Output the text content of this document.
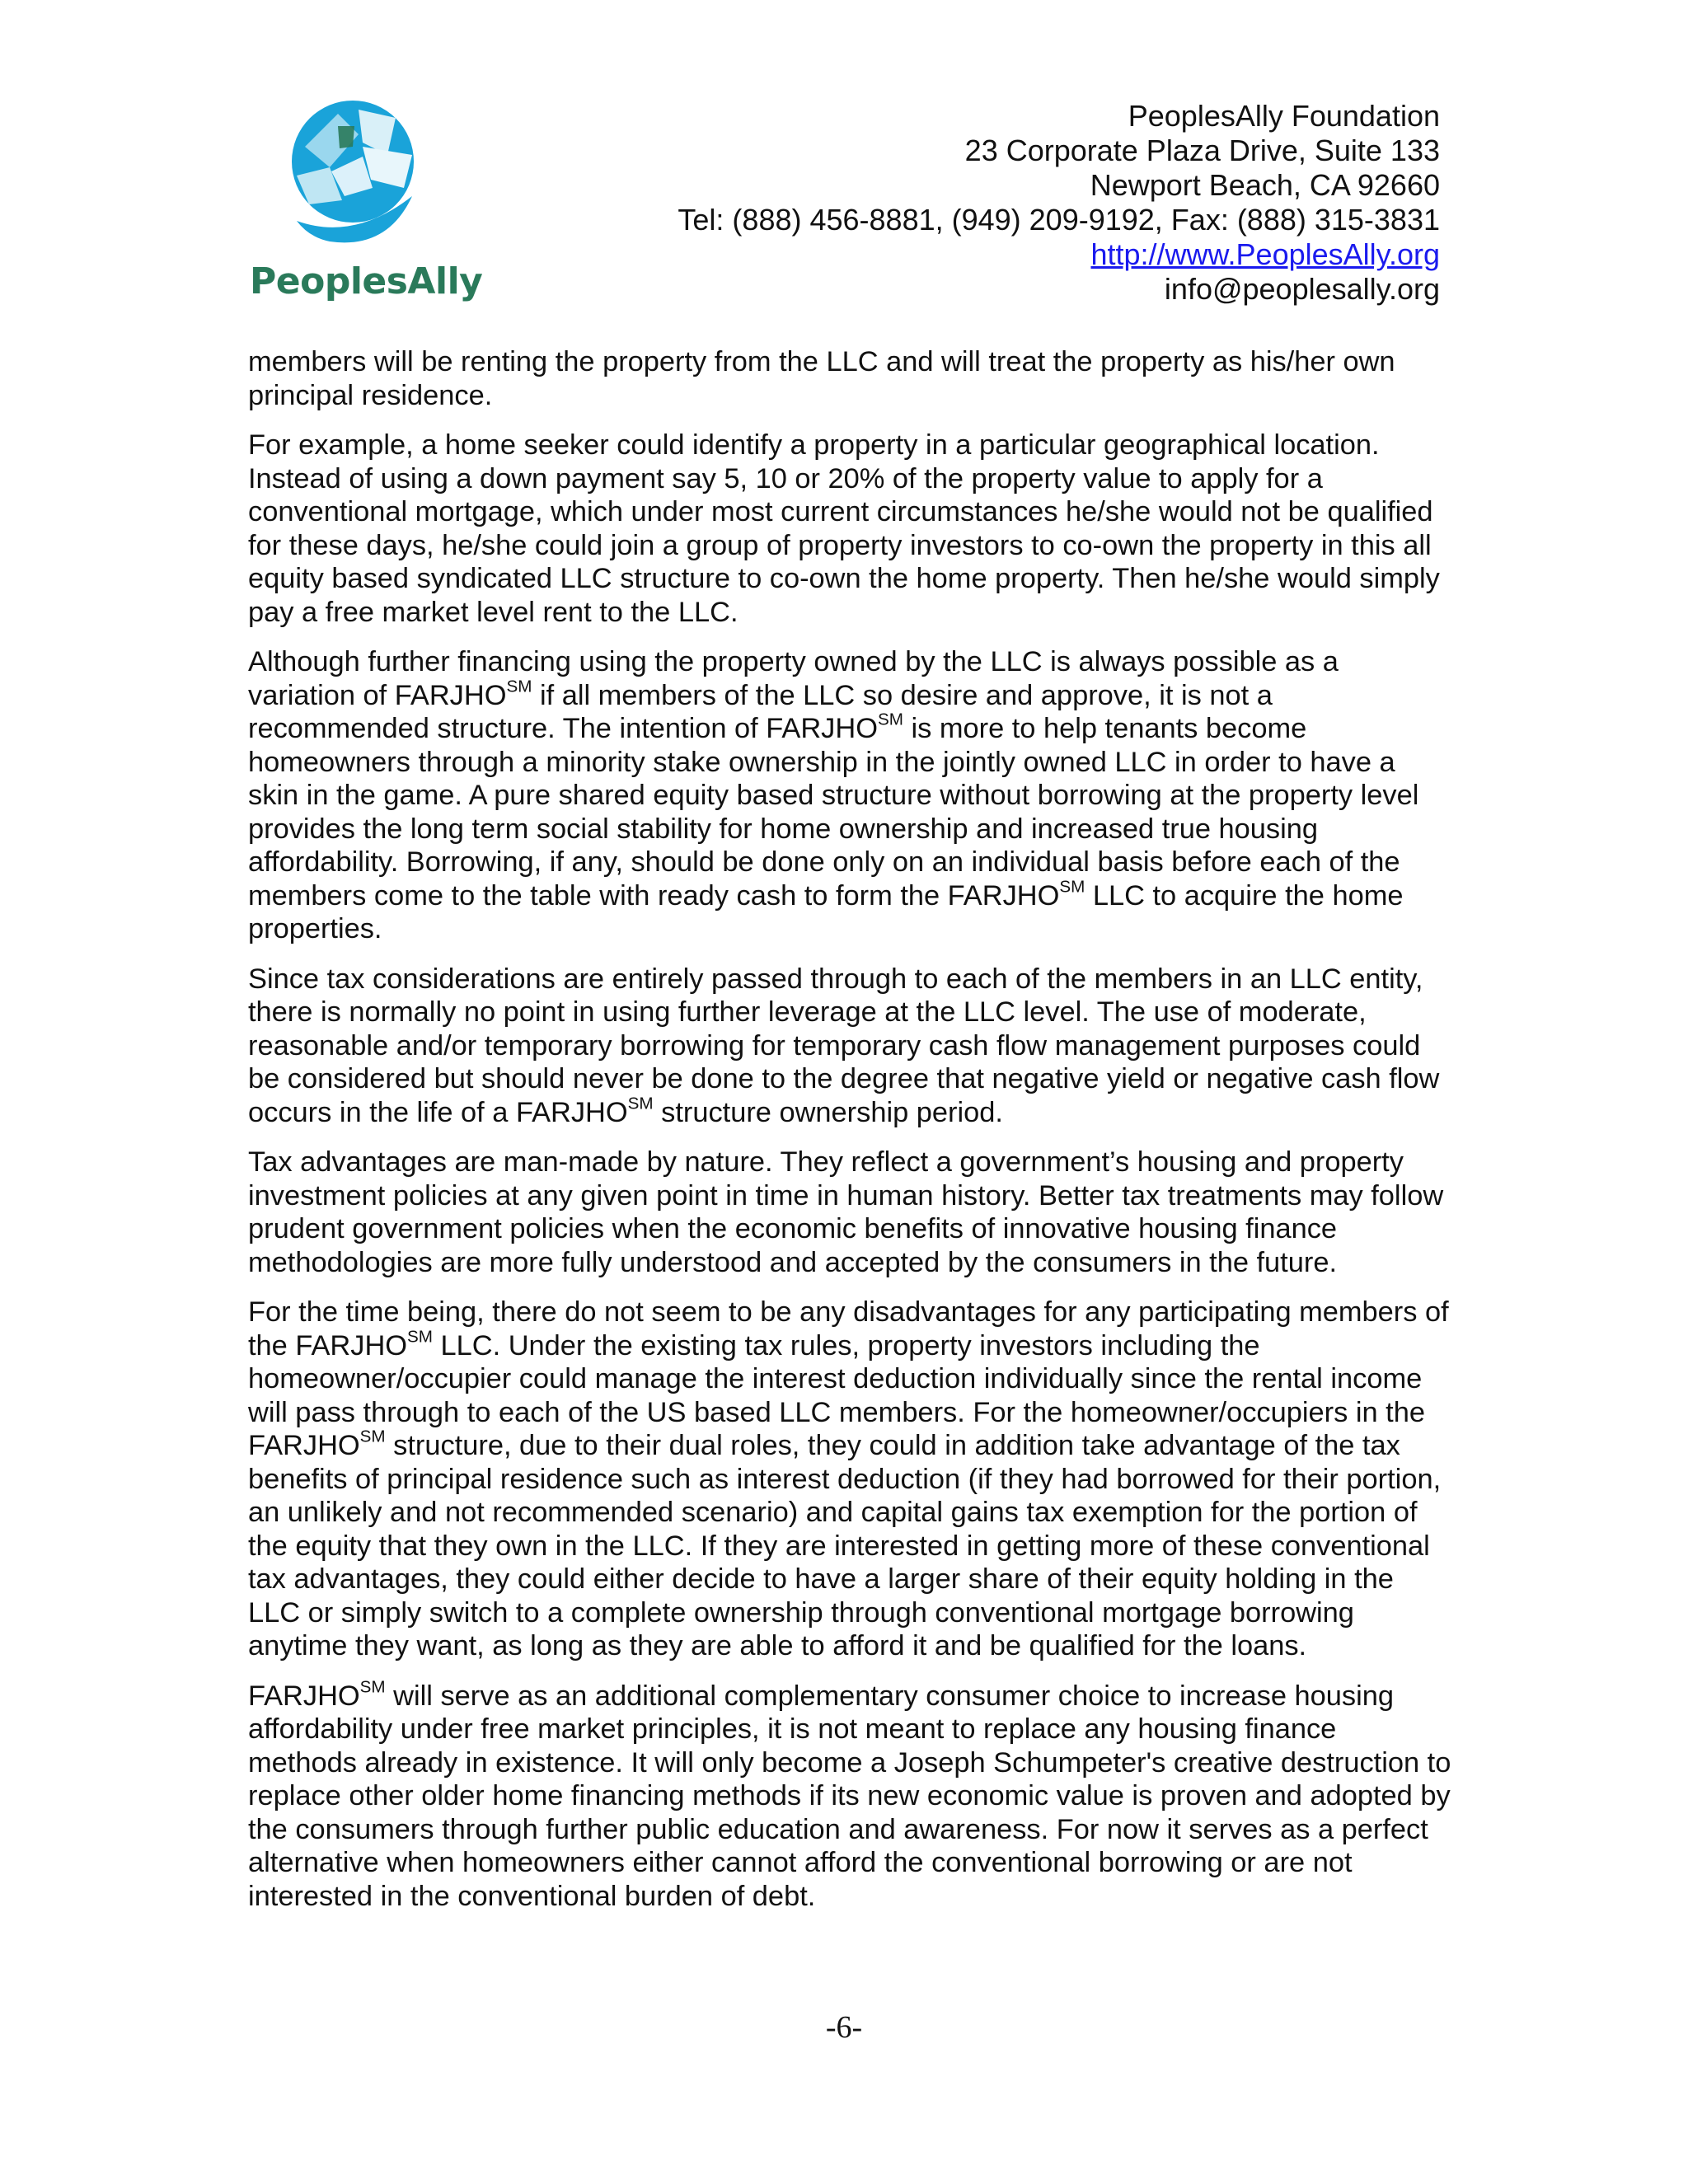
PeoplesAlly
PeoplesAlly Foundation
23 Corporate Plaza Drive, Suite 133
Newport Beach, CA 92660
Tel: (888) 456-8881, (949) 209-9192, Fax: (888) 315-3831
http://www.PeoplesAlly.org
info@peoplesally.org

members will be renting the property from the LLC and will treat the property as his/her own principal residence.

For example, a home seeker could identify a property in a particular geographical location. Instead of using a down payment say 5, 10 or 20% of the property value to apply for a conventional mortgage, which under most current circumstances he/she would not be qualified for these days, he/she could join a group of property investors to co-own the property in this all equity based syndicated LLC structure to co-own the home property. Then he/she would simply pay a free market level rent to the LLC.

Although further financing using the property owned by the LLC is always possible as a variation of FARJHO℠ if all members of the LLC so desire and approve, it is not a recommended structure. The intention of FARJHO℠ is more to help tenants become homeowners through a minority stake ownership in the jointly owned LLC in order to have a skin in the game. A pure shared equity based structure without borrowing at the property level provides the long term social stability for home ownership and increased true housing affordability. Borrowing, if any, should be done only on an individual basis before each of the members come to the table with ready cash to form the FARJHO℠ LLC to acquire the home properties.

Since tax considerations are entirely passed through to each of the members in an LLC entity, there is normally no point in using further leverage at the LLC level. The use of moderate, reasonable and/or temporary borrowing for temporary cash flow management purposes could be considered but should never be done to the degree that negative yield or negative cash flow occurs in the life of a FARJHO℠ structure ownership period.

Tax advantages are man-made by nature. They reflect a government’s housing and property investment policies at any given point in time in human history. Better tax treatments may follow prudent government policies when the economic benefits of innovative housing finance methodologies are more fully understood and accepted by the consumers in the future.

For the time being, there do not seem to be any disadvantages for any participating members of the FARJHO℠ LLC. Under the existing tax rules, property investors including the homeowner/occupier could manage the interest deduction individually since the rental income will pass through to each of the US based LLC members. For the homeowner/occupiers in the FARJHO℠ structure, due to their dual roles, they could in addition take advantage of the tax benefits of principal residence such as interest deduction (if they had borrowed for their portion, an unlikely and not recommended scenario) and capital gains tax exemption for the portion of the equity that they own in the LLC. If they are interested in getting more of these conventional tax advantages, they could either decide to have a larger share of their equity holding in the LLC or simply switch to a complete ownership through conventional mortgage borrowing anytime they want, as long as they are able to afford it and be qualified for the loans.

FARJHO℠ will serve as an additional complementary consumer choice to increase housing affordability under free market principles, it is not meant to replace any housing finance methods already in existence. It will only become a Joseph Schumpeter's creative destruction to replace other older home financing methods if its new economic value is proven and adopted by the consumers through further public education and awareness. For now it serves as a perfect alternative when homeowners either cannot afford the conventional borrowing or are not interested in the conventional burden of debt.

-6-
